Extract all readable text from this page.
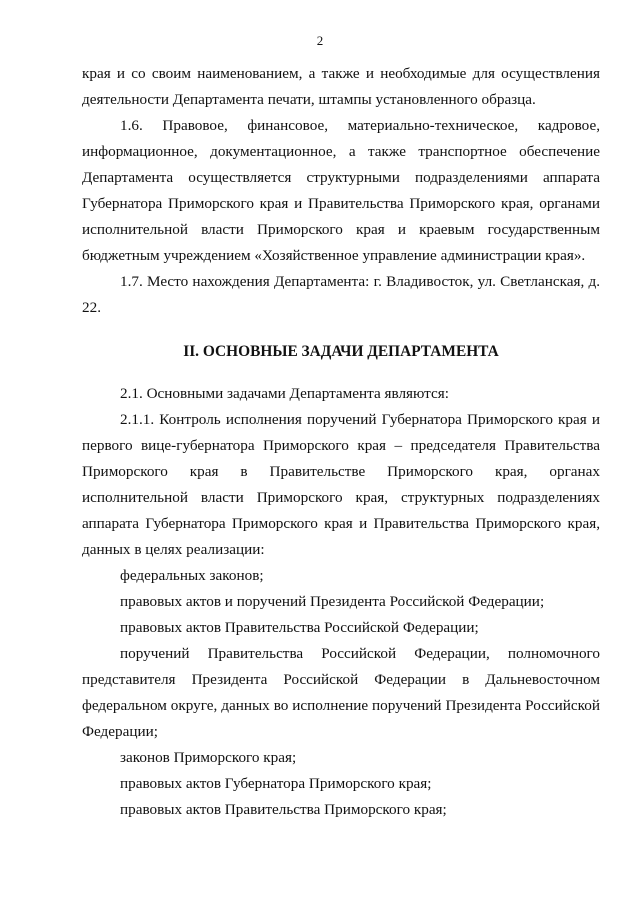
2

края и со своим наименованием, а также и необходимые для осуществления деятельности Департамента печати, штампы установленного образца.

1.6. Правовое, финансовое, материально-техническое, кадровое, информационное, документационное, а также транспортное обеспечение Департамента осуществляется структурными подразделениями аппарата Губернатора Приморского края и Правительства Приморского края, органами исполнительной власти Приморского края и краевым государственным бюджетным учреждением «Хозяйственное управление администрации края».

1.7. Место нахождения Департамента: г. Владивосток, ул. Светланская, д. 22.

II. ОСНОВНЫЕ ЗАДАЧИ ДЕПАРТАМЕНТА

2.1. Основными задачами Департамента являются:

2.1.1. Контроль исполнения поручений Губернатора Приморского края и первого вице-губернатора Приморского края – председателя Правительства Приморского края в Правительстве Приморского края, органах исполнительной власти Приморского края, структурных подразделениях аппарата Губернатора Приморского края и Правительства Приморского края, данных в целях реализации:

федеральных законов;

правовых актов и поручений Президента Российской Федерации;

правовых актов Правительства Российской Федерации;

поручений Правительства Российской Федерации, полномочного представителя Президента Российской Федерации в Дальневосточном федеральном округе, данных во исполнение поручений Президента Российской Федерации;

законов Приморского края;

правовых актов Губернатора Приморского края;

правовых актов Правительства Приморского края;
